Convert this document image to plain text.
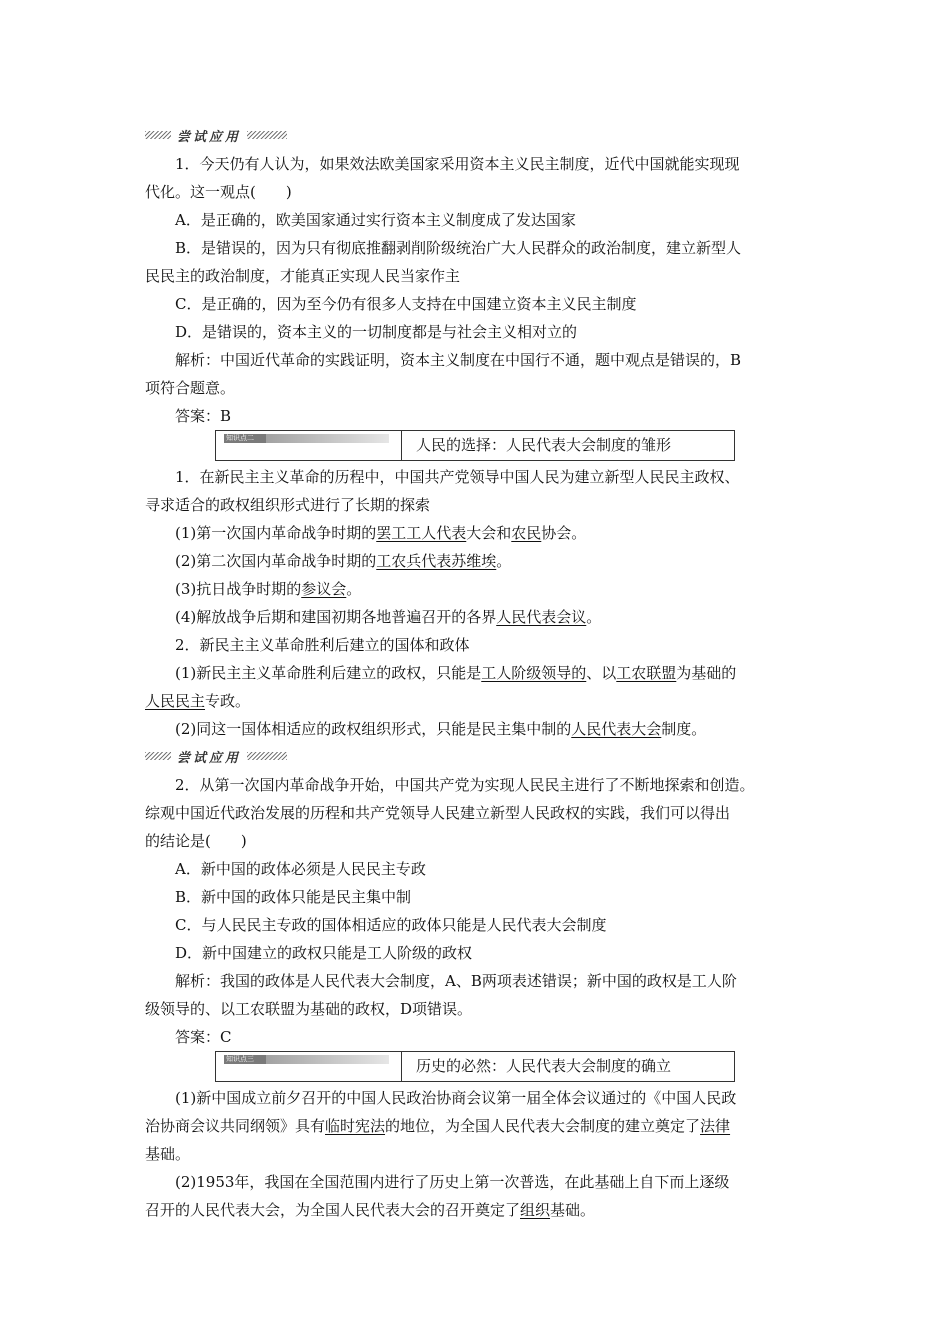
尝试应用
1．今天仍有人认为，如果效法欧美国家采用资本主义民主制度，近代中国就能实现现
代化。这一观点(　　)
A．是正确的，欧美国家通过实行资本主义制度成了发达国家
B．是错误的，因为只有彻底推翻剥削阶级统治广大人民群众的政治制度，建立新型人
民民主的政治制度，才能真正实现人民当家作主
C．是正确的，因为至今仍有很多人支持在中国建立资本主义民主制度
D．是错误的，资本主义的一切制度都是与社会主义相对立的
解析：中国近代革命的实践证明，资本主义制度在中国行不通，题中观点是错误的，B
项符合题意。
答案：B
知识点二	人民的选择：人民代表大会制度的雏形
1．在新民主主义革命的历程中，中国共产党领导中国人民为建立新型人民民主政权、
寻求适合的政权组织形式进行了长期的探索
(1)第一次国内革命战争时期的罢工工人代表大会和农民协会。
(2)第二次国内革命战争时期的工农兵代表苏维埃。
(3)抗日战争时期的参议会。
(4)解放战争后期和建国初期各地普遍召开的各界人民代表会议。
2．新民主主义革命胜利后建立的国体和政体
(1)新民主主义革命胜利后建立的政权，只能是工人阶级领导的、以工农联盟为基础的
人民民主专政。
(2)同这一国体相适应的政权组织形式，只能是民主集中制的人民代表大会制度。
尝试应用
2．从第一次国内革命战争开始，中国共产党为实现人民民主进行了不断地探索和创造。
综观中国近代政治发展的历程和共产党领导人民建立新型人民政权的实践，我们可以得出
的结论是(　　)
A．新中国的政体必须是人民民主专政
B．新中国的政体只能是民主集中制
C．与人民民主专政的国体相适应的政体只能是人民代表大会制度
D．新中国建立的政权只能是工人阶级的政权
解析：我国的政体是人民代表大会制度，A、B两项表述错误；新中国的政权是工人阶
级领导的、以工农联盟为基础的政权，D项错误。
答案：C
知识点三	历史的必然：人民代表大会制度的确立
(1)新中国成立前夕召开的中国人民政治协商会议第一届全体会议通过的《中国人民政
治协商会议共同纲领》具有临时宪法的地位，为全国人民代表大会制度的建立奠定了法律
基础。
(2)1953年，我国在全国范围内进行了历史上第一次普选，在此基础上自下而上逐级
召开的人民代表大会，为全国人民代表大会的召开奠定了组织基础。
